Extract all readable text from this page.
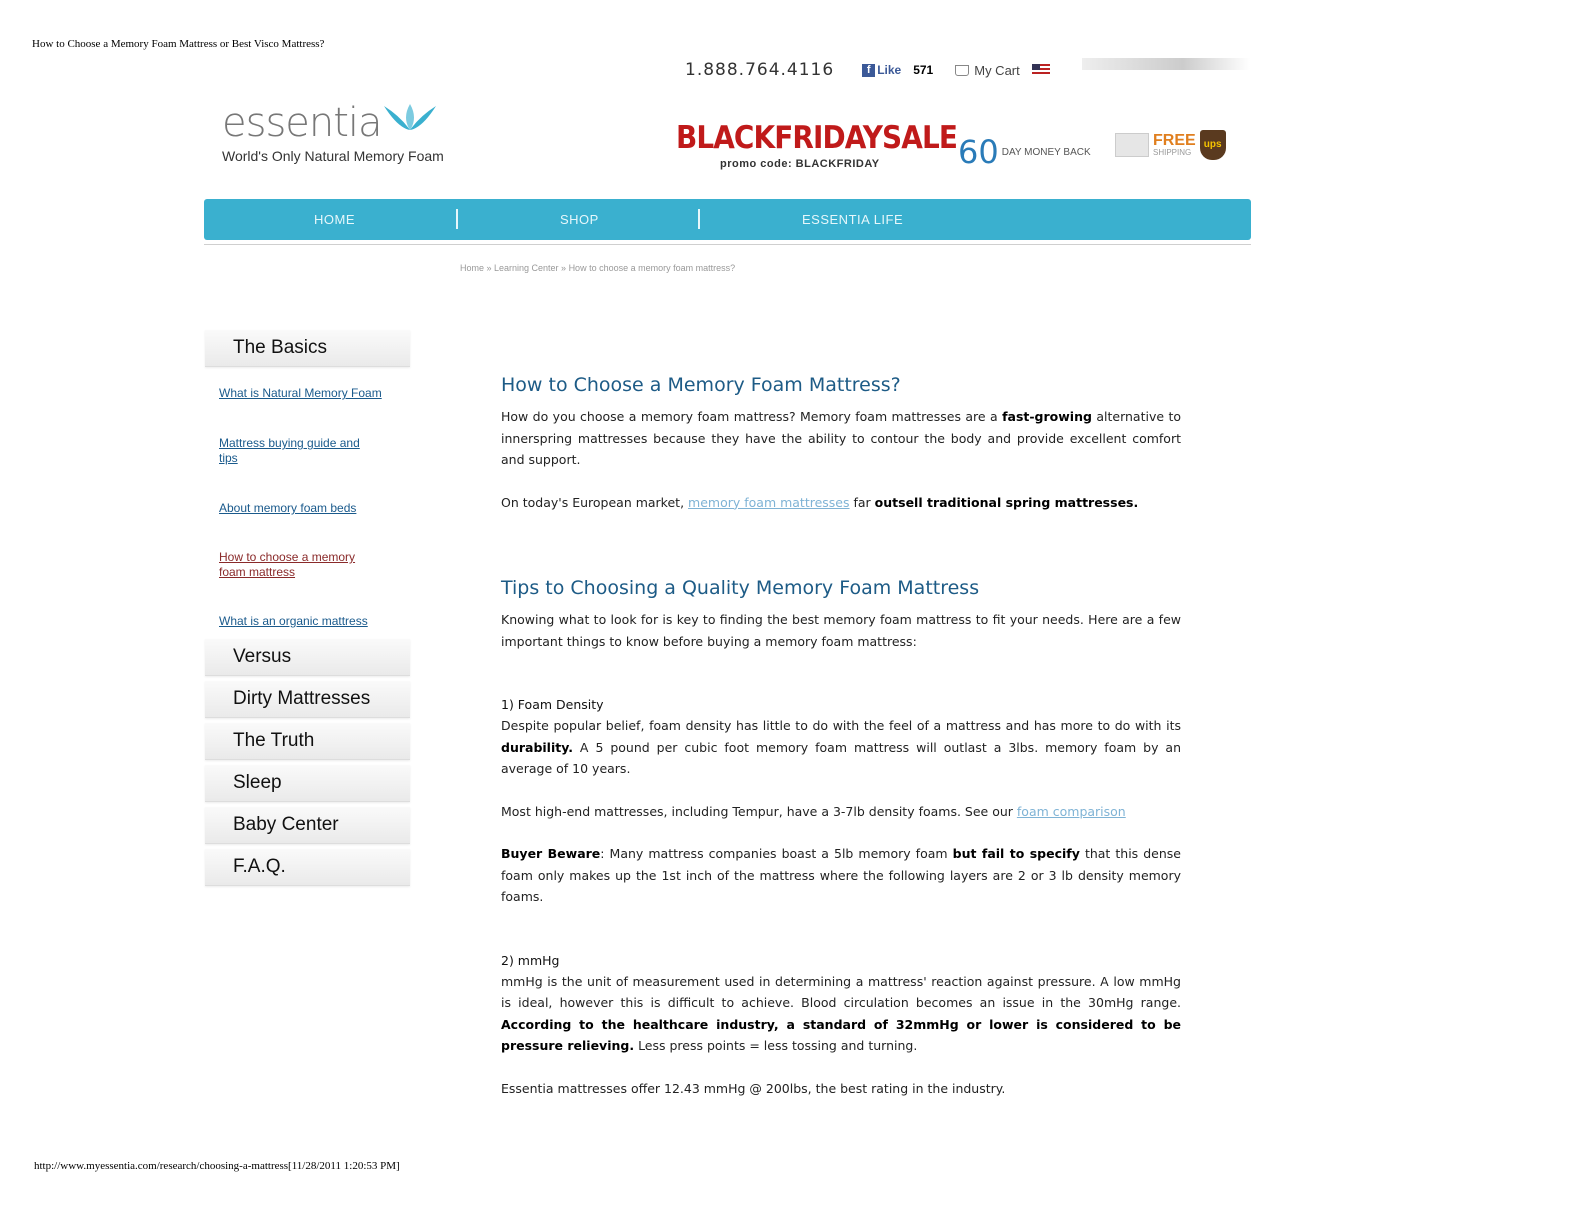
How to Choose a Memory Foam Mattress or Best Visco Mattress?
1.888.764.4116	f Like 571	My Cart
essentia
World's Only Natural Memory Foam	BLACKFRIDAYSALE
promo code: BLACKFRIDAY	60 DAY MONEY BACK
FREE
SHIPPING
ups
HOME	SHOP	ESSENTIA LIFE
Home » Learning Center » How to choose a memory foam mattress?
The Basics
What is Natural Memory Foam
Mattress buying guide and tips
About memory foam beds
How to choose a memory foam mattress
What is an organic mattress
Versus
Dirty Mattresses
The Truth
Sleep
Baby Center
F.A.Q.
How to Choose a Memory Foam Mattress?

How do you choose a memory foam mattress? Memory foam mattresses are a fast-growing alternative to innerspring mattresses because they have the ability to contour the body and provide excellent comfort and support.

On today's European market, memory foam mattresses far outsell traditional spring mattresses.

Tips to Choosing a Quality Memory Foam Mattress

Knowing what to look for is key to finding the best memory foam mattress to fit your needs. Here are a few important things to know before buying a memory foam mattress:

1) Foam Density

Despite popular belief, foam density has little to do with the feel of a mattress and has more to do with its durability. A 5 pound per cubic foot memory foam mattress will outlast a 3lbs. memory foam by an average of 10 years.

Most high-end mattresses, including Tempur, have a 3-7lb density foams. See our foam comparison

Buyer Beware: Many mattress companies boast a 5lb memory foam but fail to specify that this dense foam only makes up the 1st inch of the mattress where the following layers are 2 or 3 lb density memory foams.

2) mmHg

mmHg is the unit of measurement used in determining a mattress' reaction against pressure. A low mmHg is ideal, however this is difficult to achieve. Blood circulation becomes an issue in the 30mHg range. According to the healthcare industry, a standard of 32mmHg or lower is considered to be pressure relieving. Less press points = less tossing and turning.

Essentia mattresses offer 12.43 mmHg @ 200lbs, the best rating in the industry.

http://www.myessentia.com/research/choosing-a-mattress[11/28/2011 1:20:53 PM]
